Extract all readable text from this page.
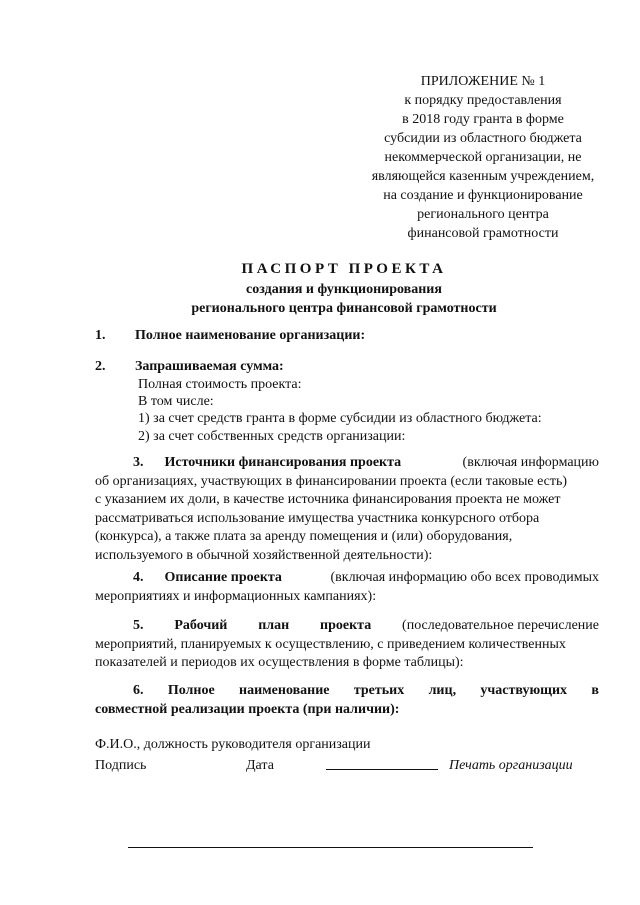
ПРИЛОЖЕНИЕ № 1
к порядку предоставления
в 2018 году гранта в форме
субсидии из областного бюджета
некоммерческой организации, не
являющейся казенным учреждением,
на создание и функционирование
регионального центра
финансовой грамотности
ПАСПОРТ ПРОЕКТА
создания и функционирования
регионального центра финансовой грамотности
1. Полное наименование организации:
2. Запрашиваемая сумма:
Полная стоимость проекта:
В том числе:
1) за счет средств гранта в форме субсидии из областного бюджета:
2) за счет собственных средств организации:
3. Источники финансирования проекта	(включая информацию
об организациях, участвующих в финансировании проекта (если таковые есть)
с указанием их доли, в качестве источника финансирования проекта не может
рассматриваться использование имущества участника конкурсного отбора
(конкурса), а также плата за аренду помещения и (или) оборудования,
используемого в обычной хозяйственной деятельности):
4. Описание проекта	(включая информацию обо всех проводимых
мероприятиях и информационных кампаниях):
5. Рабочий план проекта (последовательное перечисление
мероприятий, планируемых к осуществлению, с приведением количественных
показателей и периодов их осуществления в форме таблицы):
6. Полное наименование третьих лиц, участвующих в
совместной реализации проекта (при наличии):
Ф.И.О., должность руководителя организации
Подпись	Дата	Печать организации
